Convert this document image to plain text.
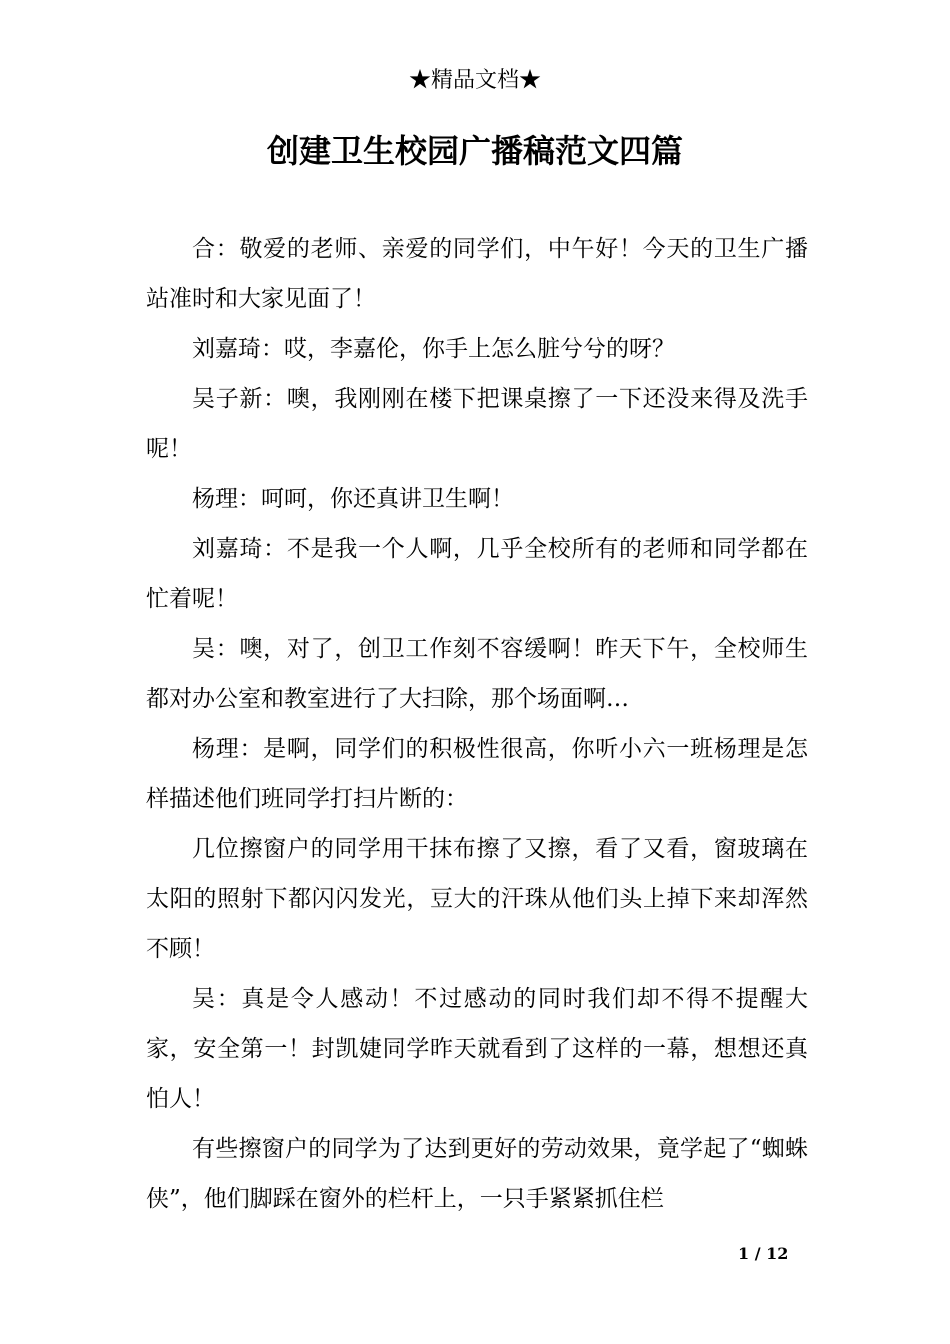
★精品文档★
创建卫生校园广播稿范文四篇

合：敬爱的老师、亲爱的同学们，中午好！今天的卫生广播站准时和大家见面了！

刘嘉琦：哎，李嘉伦，你手上怎么脏兮兮的呀？

吴子新：噢，我刚刚在楼下把课桌擦了一下还没来得及洗手呢！

杨理：呵呵，你还真讲卫生啊！

刘嘉琦：不是我一个人啊，几乎全校所有的老师和同学都在忙着呢！

吴：噢，对了，创卫工作刻不容缓啊！昨天下午，全校师生都对办公室和教室进行了大扫除，那个场面啊…

杨理：是啊，同学们的积极性很高，你听小六一班杨理是怎样描述他们班同学打扫片断的：

几位擦窗户的同学用干抹布擦了又擦，看了又看，窗玻璃在太阳的照射下都闪闪发光，豆大的汗珠从他们头上掉下来却浑然不顾！

吴：真是令人感动！不过感动的同时我们却不得不提醒大家，安全第一！封凯婕同学昨天就看到了这样的一幕，想想还真怕人！

有些擦窗户的同学为了达到更好的劳动效果，竟学起了“蜘蛛侠”，他们脚踩在窗外的栏杆上，一只手紧紧抓住栏

1 / 12
